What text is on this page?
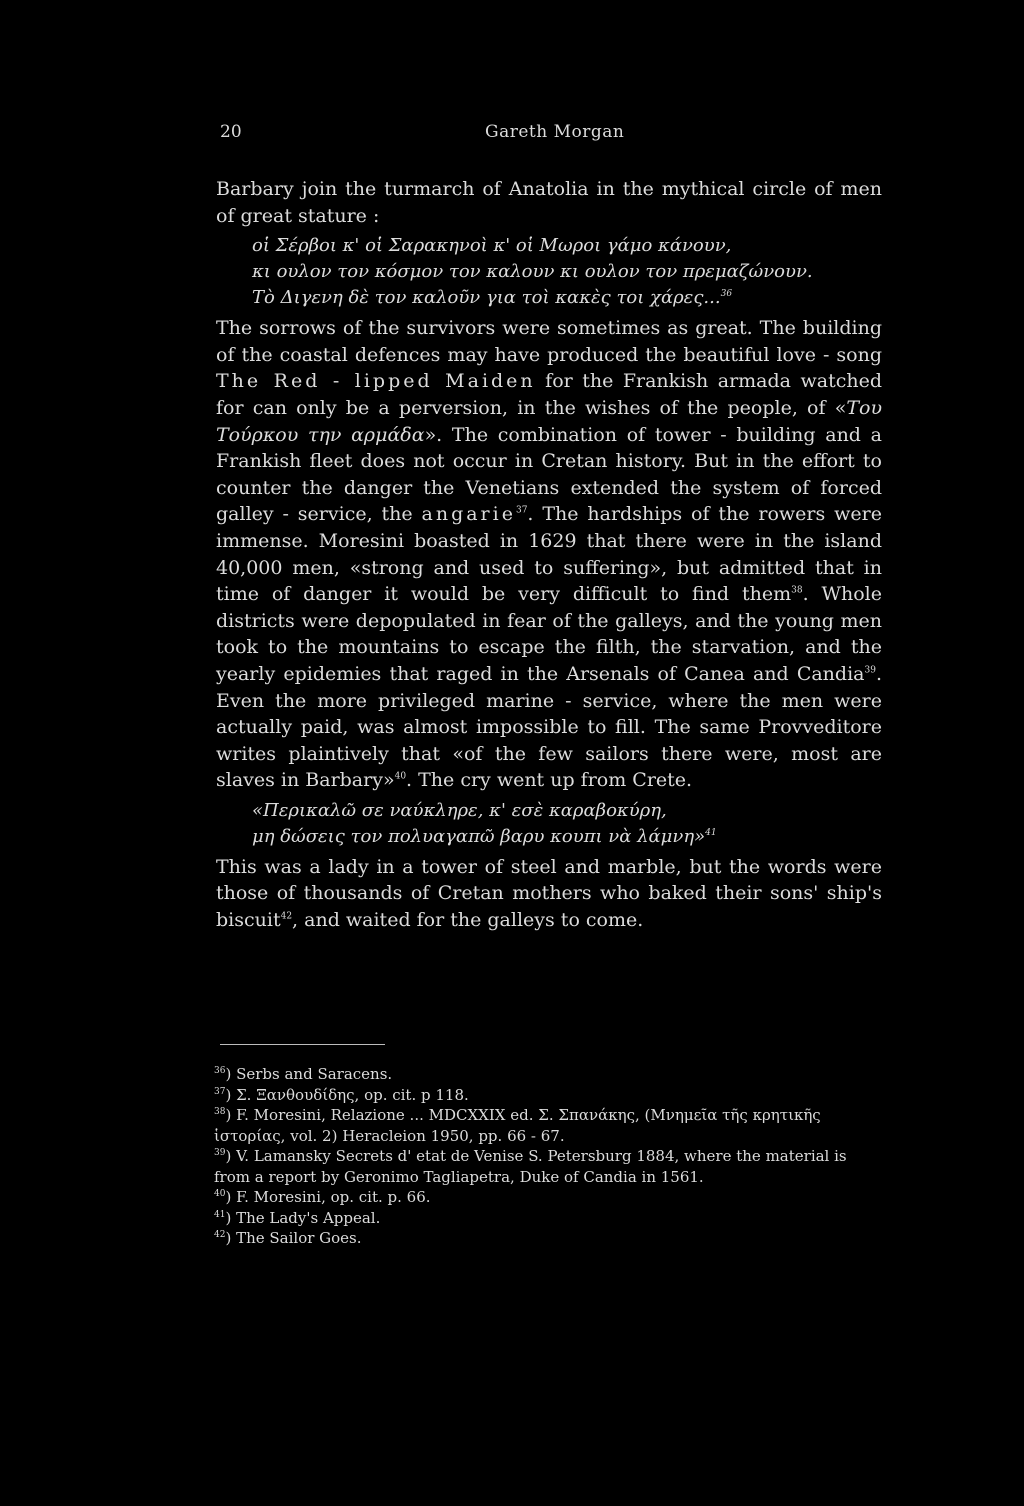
20	Gareth Morgan

Barbary join the turmarch of Anatolia in the mythical circle of men of great stature :

οἱ Σέρβοι κ' οἱ Σαρακηνοὶ κ' οἱ Μωροι γάμο κάνουν,
κι ουλον τον κόσμον τον καλουν κι ουλον τον πρεμαζώνουν.
Τὸ Διγενη δὲ τον καλοῦν για τοὶ κακὲς τοι χάρες...$^{36}$

The sorrows of the survivors were sometimes as great. The building of the coastal defences may have produced the beautiful love - song The Red - lipped Maiden for the Frankish armada watched for can only be a perversion, in the wishes of the people, of «Του Τούρκου την αρμάδα». The combination of tower - building and a Frankish fleet does not occur in Cretan history. But in the effort to counter the danger the Venetians extended the system of forced galley - service, the angarie$^{37}$. The hardships of the rowers were immense. Moresini boasted in 1629 that there were in the island 40,000 men, «strong and used to suffering», but admitted that in time of danger it would be very difficult to find them$^{38}$. Whole districts were depopulated in fear of the galleys, and the young men took to the mountains to escape the filth, the starvation, and the yearly epidemies that raged in the Arsenals of Canea and Candia$^{39}$. Even the more privileged marine - service, where the men were actually paid, was almost impossible to fill. The same Provveditore writes plaintively that «of the few sailors there were, most are slaves in Barbary»$^{40}$. The cry went up from Crete.

«Περικαλῶ σε ναύκληρε, κ' εσὲ καραβοκύρη,
μη δώσεις τον πολυαγαπῶ βαρυ κουπι νὰ λάμνη»$^{41}$

This was a lady in a tower of steel and marble, but the words were those of thousands of Cretan mothers who baked their sons' ship's biscuit$^{42}$, and waited for the galleys to come.

$^{36}$) Serbs and Saracens.
$^{37}$) Σ. Ξανθουδίδης, op. cit. p 118.
$^{38}$) F. Moresini, Relazione ... MDCXXIX ed. Σ. Σπανάκης, (Μνημεῖα τῆς κρητικῆς ἱστορίας, vol. 2) Heracleion 1950, pp. 66 - 67.
$^{39}$) V. Lamansky Secrets d' etat de Venise S. Petersburg 1884, where the material is from a report by Geronimo Tagliapetra, Duke of Candia in 1561.
$^{40}$) F. Moresini, op. cit. p. 66.
$^{41}$) The Lady's Appeal.
$^{42}$) The Sailor Goes.
